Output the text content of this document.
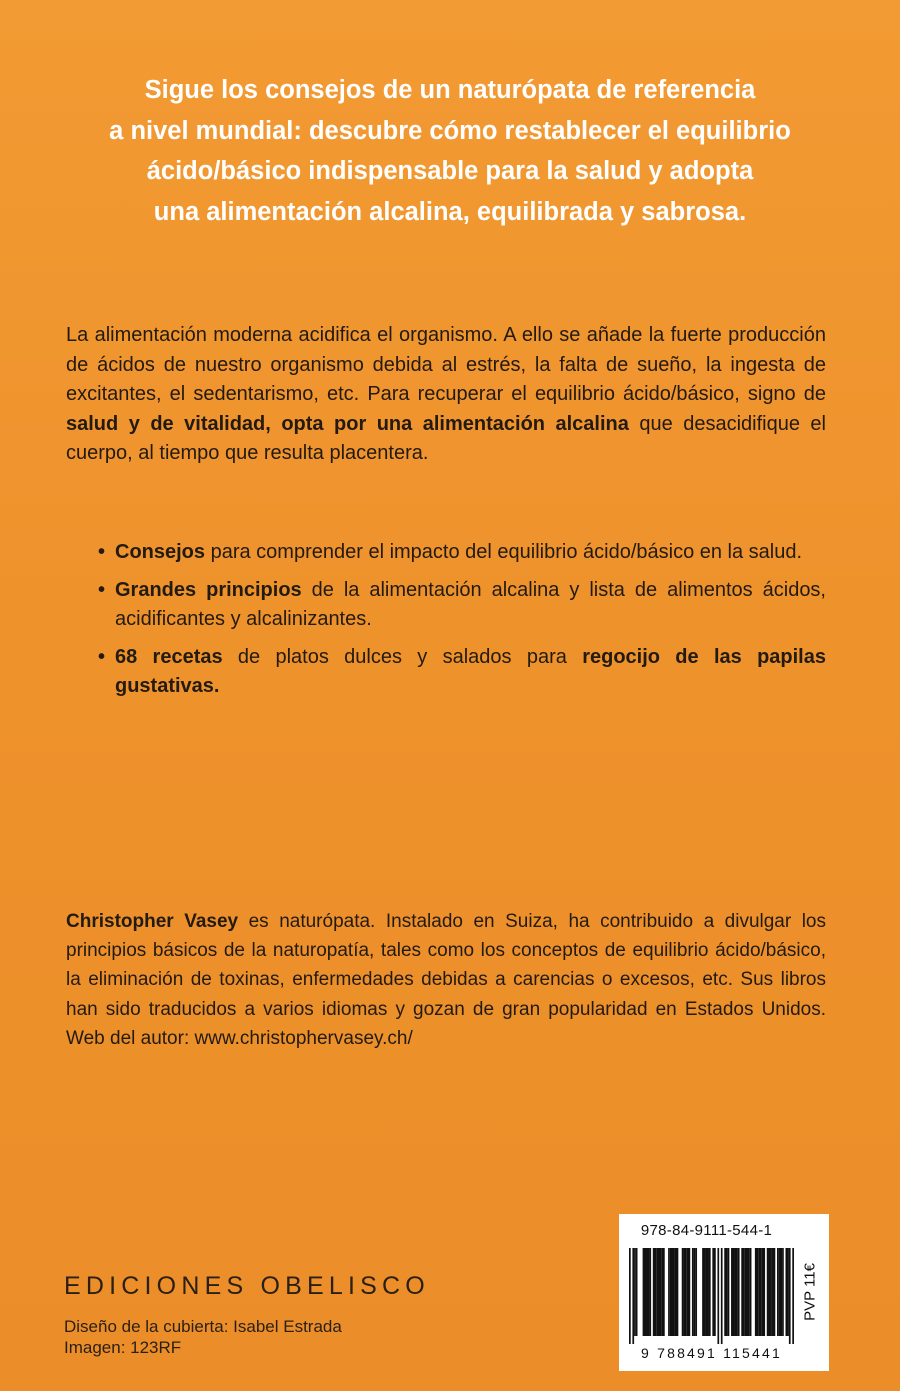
Sigue los consejos de un naturópata de referencia
a nivel mundial: descubre cómo restablecer el equilibrio
ácido/básico indispensable para la salud y adopta
una alimentación alcalina, equilibrada y sabrosa.

La alimentación moderna acidifica el organismo. A ello se añade la fuerte producción de ácidos de nuestro organismo debida al estrés, la falta de sueño, la ingesta de excitantes, el sedentarismo, etc. Para recuperar el equilibrio ácido/básico, signo de salud y de vitalidad, opta por una alimentación alcalina que desacidifique el cuerpo, al tiempo que resulta placentera.

• Consejos para comprender el impacto del equilibrio ácido/básico en la salud.
• Grandes principios de la alimentación alcalina y lista de alimentos ácidos, acidificantes y alcalinizantes.
• 68 recetas de platos dulces y salados para regocijo de las papilas gustativas.

Christopher Vasey es naturópata. Instalado en Suiza, ha contribuido a divulgar los principios básicos de la naturopatía, tales como los conceptos de equilibrio ácido/básico, la eliminación de toxinas, enfermedades debidas a carencias o excesos, etc. Sus libros han sido traducidos a varios idiomas y gozan de gran popularidad en Estados Unidos. Web del autor: www.christophervasey.ch/

EDICIONES OBELISCO
Diseño de la cubierta: Isabel Estrada
Imagen: 123RF
978-84-9111-544-1
9 788491 115441
PVP 11€
